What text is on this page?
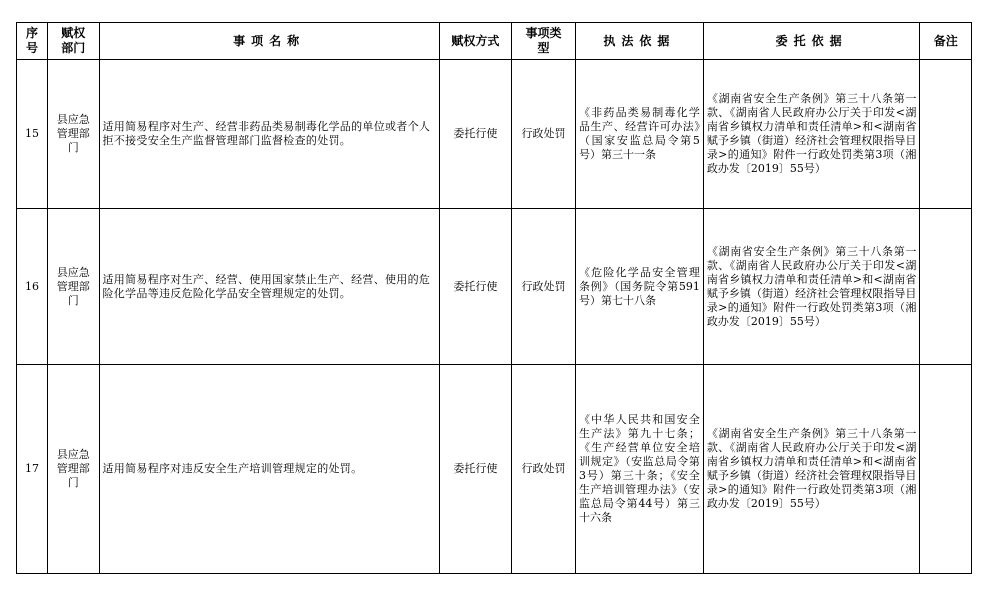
序号	赋权部门	事项名称	赋权方式	事项类型	执法依据	委托依据	备注
15	县应急管理部门	适用简易程序对生产、经营非药品类易制毒化学品的单位或者个人拒不接受安全生产监督管理部门监督检查的处罚。	委托行使	行政处罚	《非药品类易制毒化学品生产、经营许可办法》（国家安监总局令第5号）第三十一条	《湖南省安全生产条例》第三十八条第一款、《湖南省人民政府办公厅关于印发<湖南省乡镇权力清单和责任清单>和<湖南省赋予乡镇（街道）经济社会管理权限指导目录>的通知》附件一行政处罚类第3项（湘政办发〔2019〕55号）	
16	县应急管理部门	适用简易程序对生产、经营、使用国家禁止生产、经营、使用的危险化学品等违反危险化学品安全管理规定的处罚。	委托行使	行政处罚	《危险化学品安全管理条例》（国务院令第591号）第七十八条	《湖南省安全生产条例》第三十八条第一款、《湖南省人民政府办公厅关于印发<湖南省乡镇权力清单和责任清单>和<湖南省赋予乡镇（街道）经济社会管理权限指导目录>的通知》附件一行政处罚类第3项（湘政办发〔2019〕55号）	
17	县应急管理部门	适用简易程序对违反安全生产培训管理规定的处罚。	委托行使	行政处罚	《中华人民共和国安全生产法》第九十七条；《生产经营单位安全培训规定》（安监总局令第3号）第三十条；《安全生产培训管理办法》（安监总局令第44号）第三十六条	《湖南省安全生产条例》第三十八条第一款、《湖南省人民政府办公厅关于印发<湖南省乡镇权力清单和责任清单>和<湖南省赋予乡镇（街道）经济社会管理权限指导目录>的通知》附件一行政处罚类第3项（湘政办发〔2019〕55号）	
